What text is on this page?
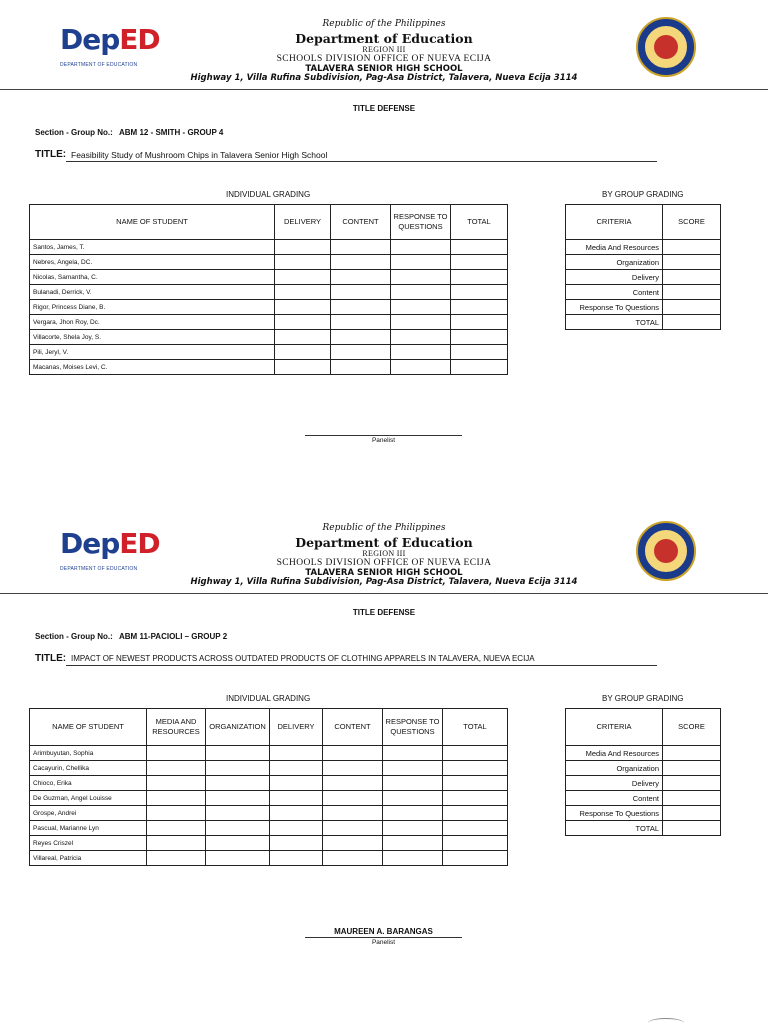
DepED
DEPARTMENT OF EDUCATION
Republic of the Philippines
Department of Education
REGION III
SCHOOLS DIVISION OFFICE OF NUEVA ECIJA
TALAVERA SENIOR HIGH SCHOOL
Highway 1, Villa Rufina Subdivision, Pag-Asa District, Talavera, Nueva Ecija 3114
TITLE DEFENSE
Section - Group No.: ABM 12 - SMITH - GROUP 4
TITLE: Feasibility Study of Mushroom Chips in Talavera Senior High School
INDIVIDUAL GRADING	BY GROUP GRADING
NAME OF STUDENT	DELIVERY	CONTENT	RESPONSE TO QUESTIONS	TOTAL
Santos, James, T.				
Nebres, Angela, DC.				
Nicolas, Samantha, C.				
Bulanadi, Derrick, V.				
Rigor, Princess Diane, B.				
Vergara, Jhon Roy, Dc.				
Villacorte, Shela Joy, S.				
Pili, Jeryl, V.				
Macanas, Moises Levi, C.				
CRITERIA	SCORE
Media And Resources	
Organization	
Delivery	
Content	
Response To Questions	
TOTAL	
Panelist
DepED
DEPARTMENT OF EDUCATION
Republic of the Philippines
Department of Education
REGION III
SCHOOLS DIVISION OFFICE OF NUEVA ECIJA
TALAVERA SENIOR HIGH SCHOOL
Highway 1, Villa Rufina Subdivision, Pag-Asa District, Talavera, Nueva Ecija 3114
TITLE DEFENSE
Section - Group No.: ABM 11-PACIOLI – GROUP 2
TITLE: IMPACT OF NEWEST PRODUCTS ACROSS OUTDATED PRODUCTS OF CLOTHING APPARELS IN TALAVERA, NUEVA ECIJA
INDIVIDUAL GRADING	BY GROUP GRADING
NAME OF STUDENT	MEDIA AND RESOURCES	ORGANIZATION	DELIVERY	CONTENT	RESPONSE TO QUESTIONS	TOTAL
Arimbuyutan, Sophia						
Cacayurin, Chellika						
Chioco, Erika						
De Guzman, Angel Louisse						
Grospe, Andrei						
Pascual, Marianne Lyn						
Reyes Criszel						
Villareal, Patricia						
CRITERIA	SCORE
Media And Resources	
Organization	
Delivery	
Content	
Response To Questions	
TOTAL	
MAUREEN A. BARANGAS
Panelist
